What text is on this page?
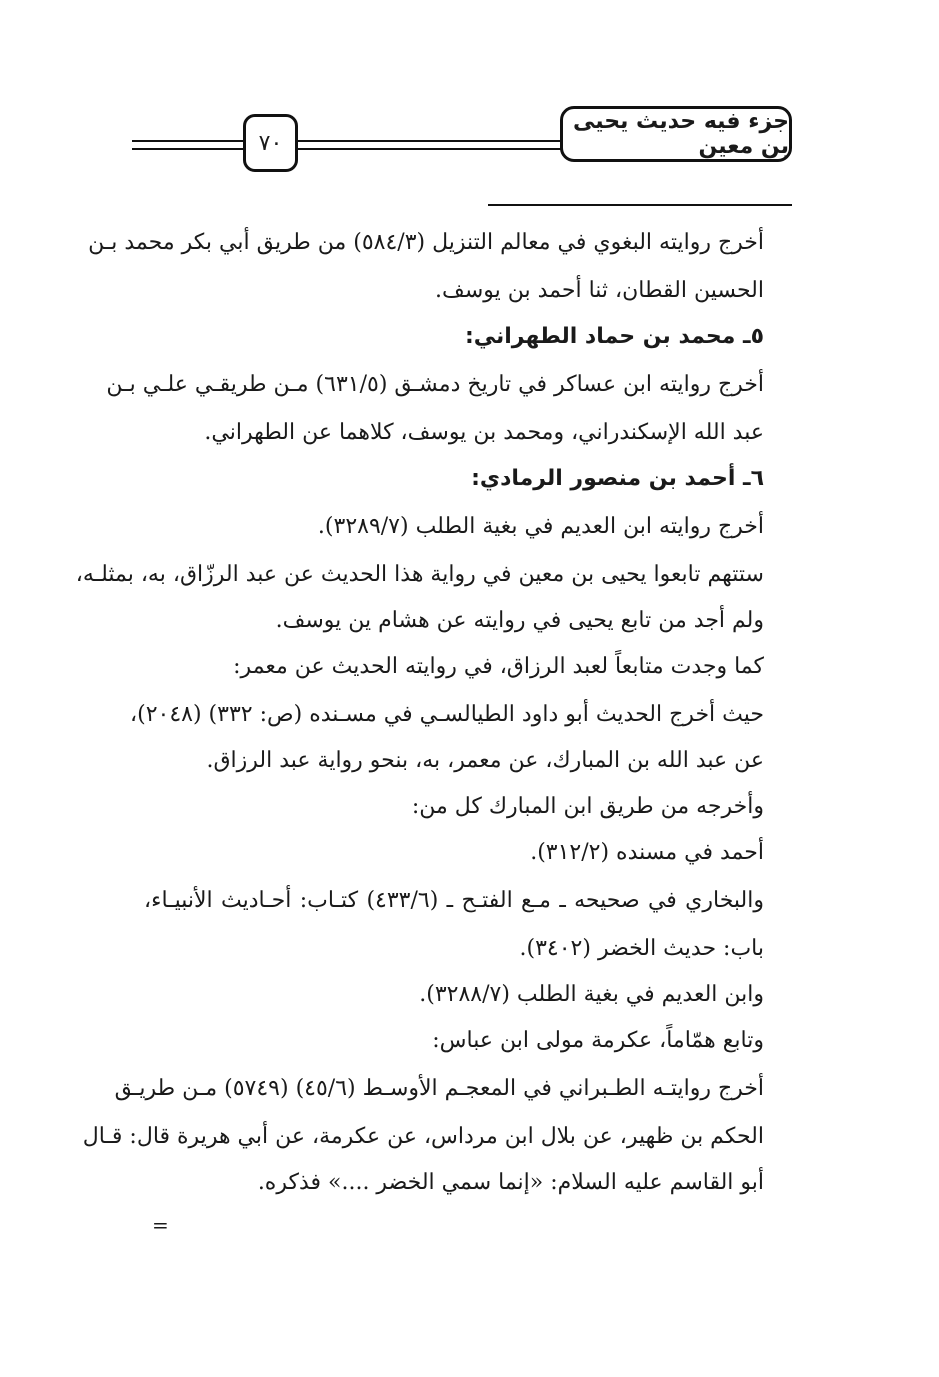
٧٠
جزء فيه حديث يحيى بن معين
أخرج روايته البغوي في معالم التنزيل (٥٨٤/٣) من طريق أبي بكر محمد بـن
الحسين القطان، ثنا أحمد بن يوسف.
٥ـ محمد بن حماد الطهراني:
أخرج روايته ابن عساكر في تاريخ دمشـق (٦٣١/٥) مـن طريقـي علـي بـن
عبد الله الإسكندراني، ومحمد بن يوسف، كلاهما عن الطهراني.
٦ـ أحمد بن منصور الرمادي:
أخرج روايته ابن العديم في بغية الطلب (٣٢٨٩/٧).
ستتهم تابعوا يحيى بن معين في رواية هذا الحديث عن عبد الرزّاق، به، بمثلـه،
ولم أجد من تابع يحيى في روايته عن هشام ين يوسف.
كما وجدت متابعاً لعبد الرزاق، في روايته الحديث عن معمر:
حيث أخرج الحديث أبو داود الطيالسـي في مسـنده (ص: ٣٣٢) (٢٠٤٨)،
عن عبد الله بن المبارك، عن معمر، به، بنحو رواية عبد الرزاق.
وأخرجه من طريق ابن المبارك كل من:
أحمد في مسنده (٣١٢/٢).
والبخاري في صحيحه ـ مـع الفتـح ـ (٤٣٣/٦) كتـاب: أحـاديث الأنبيـاء،
باب: حديث الخضر (٣٤٠٢).
وابن العديم في بغية الطلب (٣٢٨٨/٧).
وتابع همّاماً، عكرمة مولى ابن عباس:
أخرج روايتـه الطـبراني في المعجـم الأوسـط (٤٥/٦) (٥٧٤٩) مـن طريـق
الحكم بن ظهير، عن بلال ابن مرداس، عن عكرمة، عن أبي هريرة قال: قـال
أبو القاسم عليه السلام: «إنما سمي الخضر ....» فذكره.
=
